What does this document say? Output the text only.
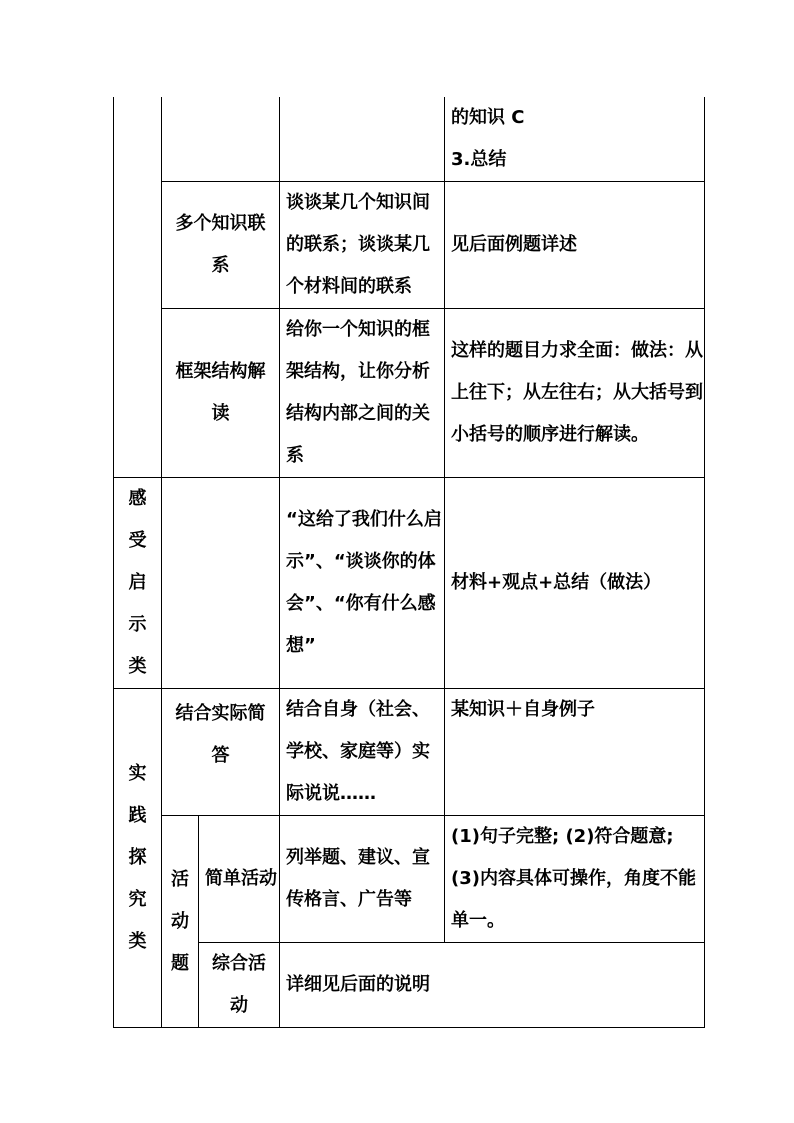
				的知识 C
3.总结

	多个知识联系		谈谈某几个知识间的联系；谈谈某几个材料间的联系	见后面例题详述

	框架结构解读		给你一个知识的框架结构，让你分析结构内部之间的关系	这样的题目力求全面：做法：从上往下；从左往右；从大括号到小括号的顺序进行解读。

感受启示类			“这给了我们什么启示”、“谈谈你的体会”、“你有什么感想”	材料+观点+总结（做法）

实践探究类	结合实际简答		结合自身（社会、学校、家庭等）实际说说……	某知识＋自身例子

	活动题	简单活动	列举题、建议、宣传格言、广告等	(1)句子完整; (2)符合题意; (3)内容具体可操作，角度不能单一。

		综合活动	详细见后面的说明	
